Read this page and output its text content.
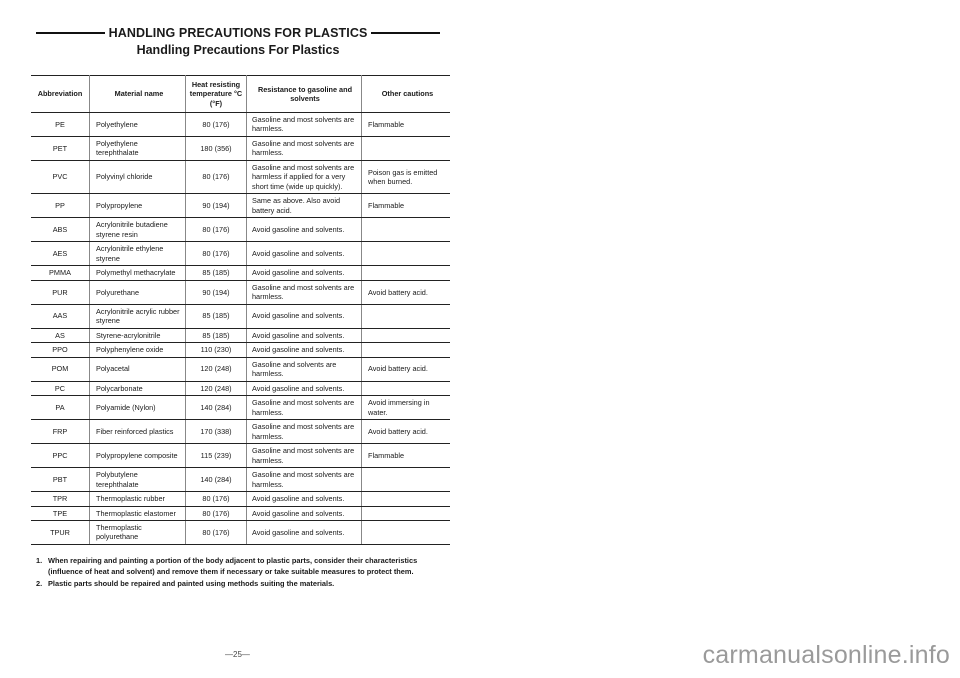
HANDLING PRECAUTIONS FOR PLASTICS
Handling Precautions For Plastics
Abbreviation	Material name	Heat resisting temperature °C (°F)	Resistance to gasoline and solvents	Other cautions
PE	Polyethylene	80 (176)	Gasoline and most solvents are harmless.	Flammable
PET	Polyethylene terephthalate	180 (356)	Gasoline and most solvents are harmless.	
PVC	Polyvinyl chloride	80 (176)	Gasoline and most solvents are harmless if applied for a very short time (wide up quickly).	Poison gas is emitted when burned.
PP	Polypropylene	90 (194)	Same as above. Also avoid battery acid.	Flammable
ABS	Acrylonitrile butadiene styrene resin	80 (176)	Avoid gasoline and solvents.	
AES	Acrylonitrile ethylene styrene	80 (176)	Avoid gasoline and solvents.	
PMMA	Polymethyl methacrylate	85 (185)	Avoid gasoline and solvents.	
PUR	Polyurethane	90 (194)	Gasoline and most solvents are harmless.	Avoid battery acid.
AAS	Acrylonitrile acrylic rubber styrene	85 (185)	Avoid gasoline and solvents.	
AS	Styrene-acrylonitrile	85 (185)	Avoid gasoline and solvents.	
PPO	Polyphenylene oxide	110 (230)	Avoid gasoline and solvents.	
POM	Polyacetal	120 (248)	Gasoline and solvents are harmless.	Avoid battery acid.
PC	Polycarbonate	120 (248)	Avoid gasoline and solvents.	
PA	Polyamide (Nylon)	140 (284)	Gasoline and most solvents are harmless.	Avoid immersing in water.
FRP	Fiber reinforced plastics	170 (338)	Gasoline and most solvents are harmless.	Avoid battery acid.
PPC	Polypropylene composite	115 (239)	Gasoline and most solvents are harmless.	Flammable
PBT	Polybutylene terephthalate	140 (284)	Gasoline and most solvents are harmless.	
TPR	Thermoplastic rubber	80 (176)	Avoid gasoline and solvents.	
TPE	Thermoplastic elastomer	80 (176)	Avoid gasoline and solvents.	
TPUR	Thermoplastic polyurethane	80 (176)	Avoid gasoline and solvents.	
1. When repairing and painting a portion of the body adjacent to plastic parts, consider their characteristics (influence of heat and solvent) and remove them if necessary or take suitable measures to protect them.
2. Plastic parts should be repaired and painted using methods suiting the materials.
—25—	carmanualsonline.info
